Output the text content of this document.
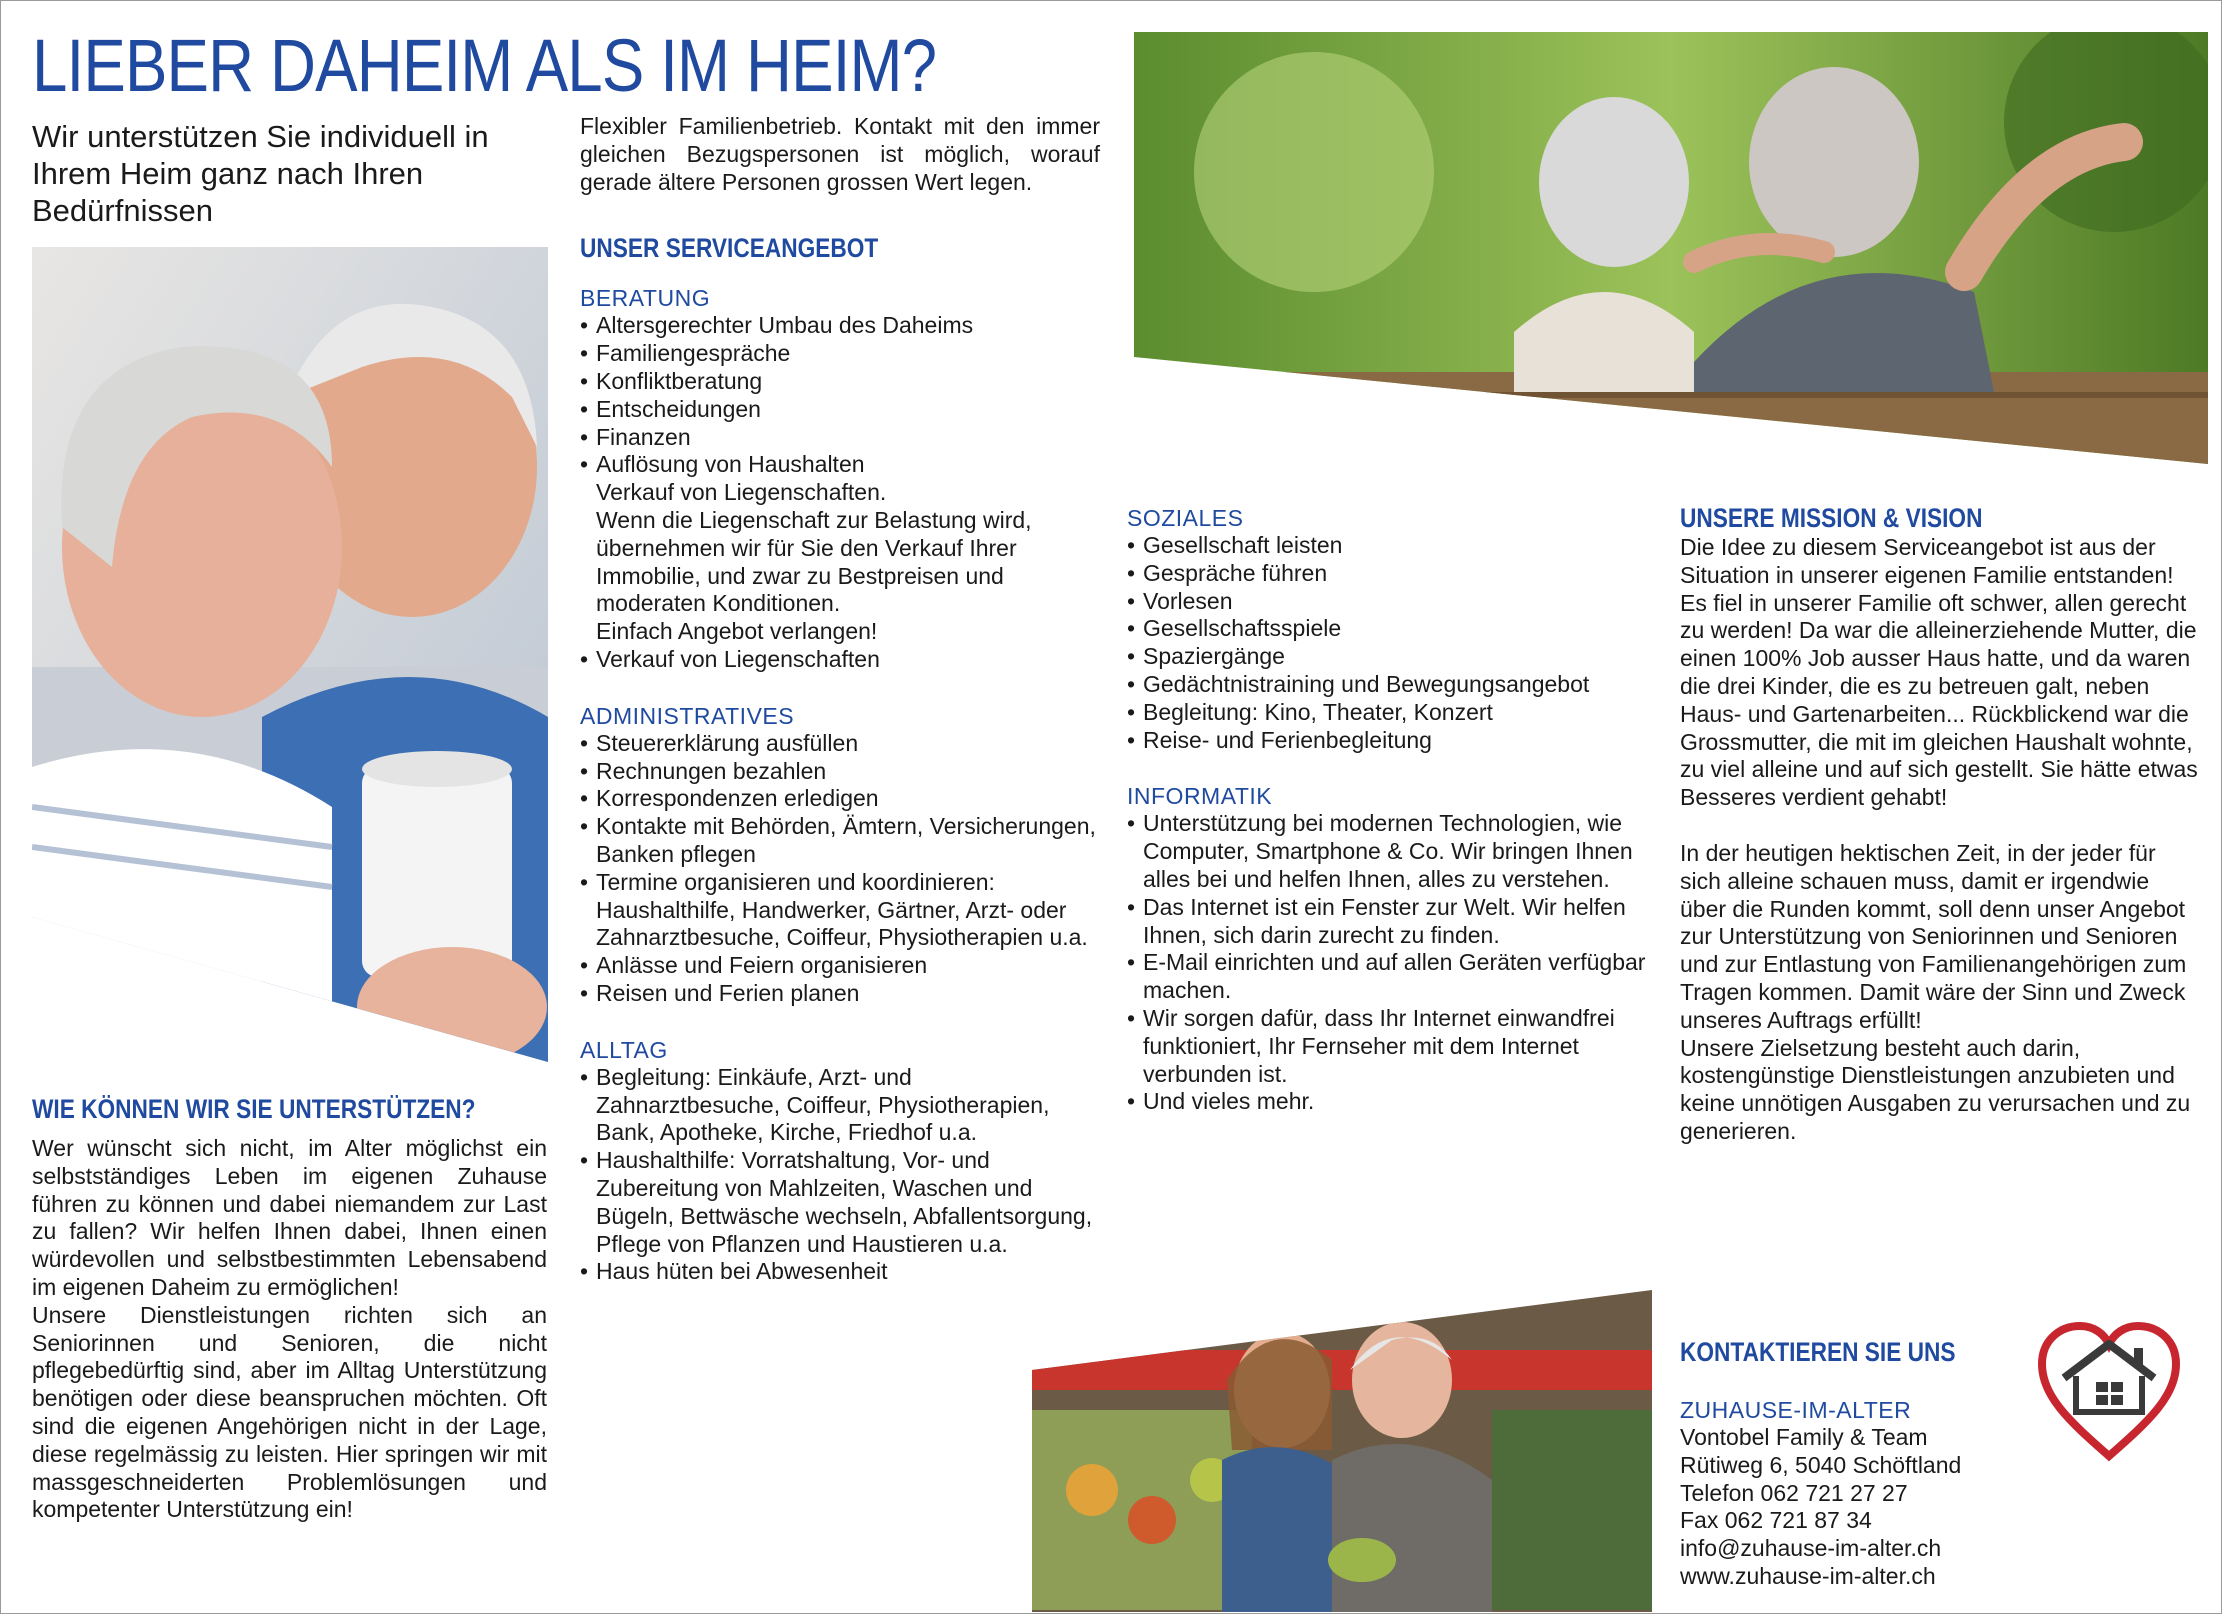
LIEBER DAHEIM ALS IM HEIM?

Wir unterstützen Sie individuell in Ihrem Heim ganz nach Ihren Bedürfnissen

WIE KÖNNEN WIR SIE UNTERSTÜTZEN?

Wer wünscht sich nicht, im Alter möglichst ein selbstständiges Leben im eigenen Zuhause führen zu können und dabei niemandem zur Last zu fallen? Wir helfen Ihnen dabei, Ihnen einen würdevollen und selbstbestimmten Lebensabend im eigenen Daheim zu ermöglichen!

Unsere Dienstleistungen richten sich an Seniorinnen und Senioren, die nicht pflegebedürftig sind, aber im Alltag Unterstützung benötigen oder diese beanspruchen möchten. Oft sind die eigenen Angehörigen nicht in der Lage, diese regelmässig zu leisten. Hier springen wir mit massgeschneiderten Problemlösungen und kompetenter Unterstützung ein!

Flexibler Familienbetrieb. Kontakt mit den immer gleichen Bezugspersonen ist möglich, worauf gerade ältere Personen grossen Wert legen.

UNSER SERVICEANGEBOT

BERATUNG

• Altersgerechter Umbau des Daheims
• Familiengespräche
• Konfliktberatung
• Entscheidungen
• Finanzen
• Auflösung von Haushalten
Verkauf von Liegenschaften.
Wenn die Liegenschaft zur Belastung wird, übernehmen wir für Sie den Verkauf Ihrer Immobilie, und zwar zu Bestpreisen und moderaten Konditionen.
Einfach Angebot verlangen!
• Verkauf von Liegenschaften

ADMINISTRATIVES

• Steuererklärung ausfüllen
• Rechnungen bezahlen
• Korrespondenzen erledigen
• Kontakte mit Behörden, Ämtern, Versicherungen, Banken pflegen
• Termine organisieren und koordinieren: Haushalthilfe, Handwerker, Gärtner, Arzt- oder Zahnarztbesuche, Coiffeur, Physiotherapien u.a.
• Anlässe und Feiern organisieren
• Reisen und Ferien planen

ALLTAG

• Begleitung: Einkäufe, Arzt- und Zahnarztbesuche, Coiffeur, Physiotherapien, Bank, Apotheke, Kirche, Friedhof u.a.
• Haushalthilfe: Vorratshaltung, Vor- und Zubereitung von Mahlzeiten, Waschen und Bügeln, Bettwäsche wechseln, Abfallentsorgung, Pflege von Pflanzen und Haustieren u.a.
• Haus hüten bei Abwesenheit

SOZIALES

• Gesellschaft leisten
• Gespräche führen
• Vorlesen
• Gesellschaftsspiele
• Spaziergänge
• Gedächtnistraining und Bewegungsangebot
• Begleitung: Kino, Theater, Konzert
• Reise- und Ferienbegleitung

INFORMATIK

• Unterstützung bei modernen Technologien, wie Computer, Smartphone & Co. Wir bringen Ihnen alles bei und helfen Ihnen, alles zu verstehen.
• Das Internet ist ein Fenster zur Welt. Wir helfen Ihnen, sich darin zurecht zu finden.
• E-Mail einrichten und auf allen Geräten verfügbar machen.
• Wir sorgen dafür, dass Ihr Internet einwandfrei funktioniert, Ihr Fernseher mit dem Internet verbunden ist.
• Und vieles mehr.
UNSERE MISSION & VISION

Die Idee zu diesem Serviceangebot ist aus der Situation in unserer eigenen Familie entstanden!

Es fiel in unserer Familie oft schwer, allen gerecht zu werden! Da war die alleinerziehende Mutter, die einen 100% Job ausser Haus hatte, und da waren die drei Kinder, die es zu betreuen galt, neben Haus- und Gartenarbeiten... Rückblickend war die Grossmutter, die mit im gleichen Haushalt wohnte, zu viel alleine und auf sich gestellt. Sie hätte etwas Besseres verdient gehabt!

In der heutigen hektischen Zeit, in der jeder für sich alleine schauen muss, damit er irgendwie über die Runden kommt, soll denn unser Angebot zur Unterstützung von Seniorinnen und Senioren und zur Entlastung von Familienangehörigen zum Tragen kommen. Damit wäre der Sinn und Zweck unseres Auftrags erfüllt!

Unsere Zielsetzung besteht auch darin, kostengünstige Dienstleistungen anzubieten und keine unnötigen Ausgaben zu verursachen und zu generieren.

KONTAKTIEREN SIE UNS

ZUHAUSE-IM-ALTER

Vontobel Family & Team

Rütiweg 6, 5040 Schöftland

Telefon 062 721 27 27

Fax 062 721 87 34

info@zuhause-im-alter.ch

www.zuhause-im-alter.ch
